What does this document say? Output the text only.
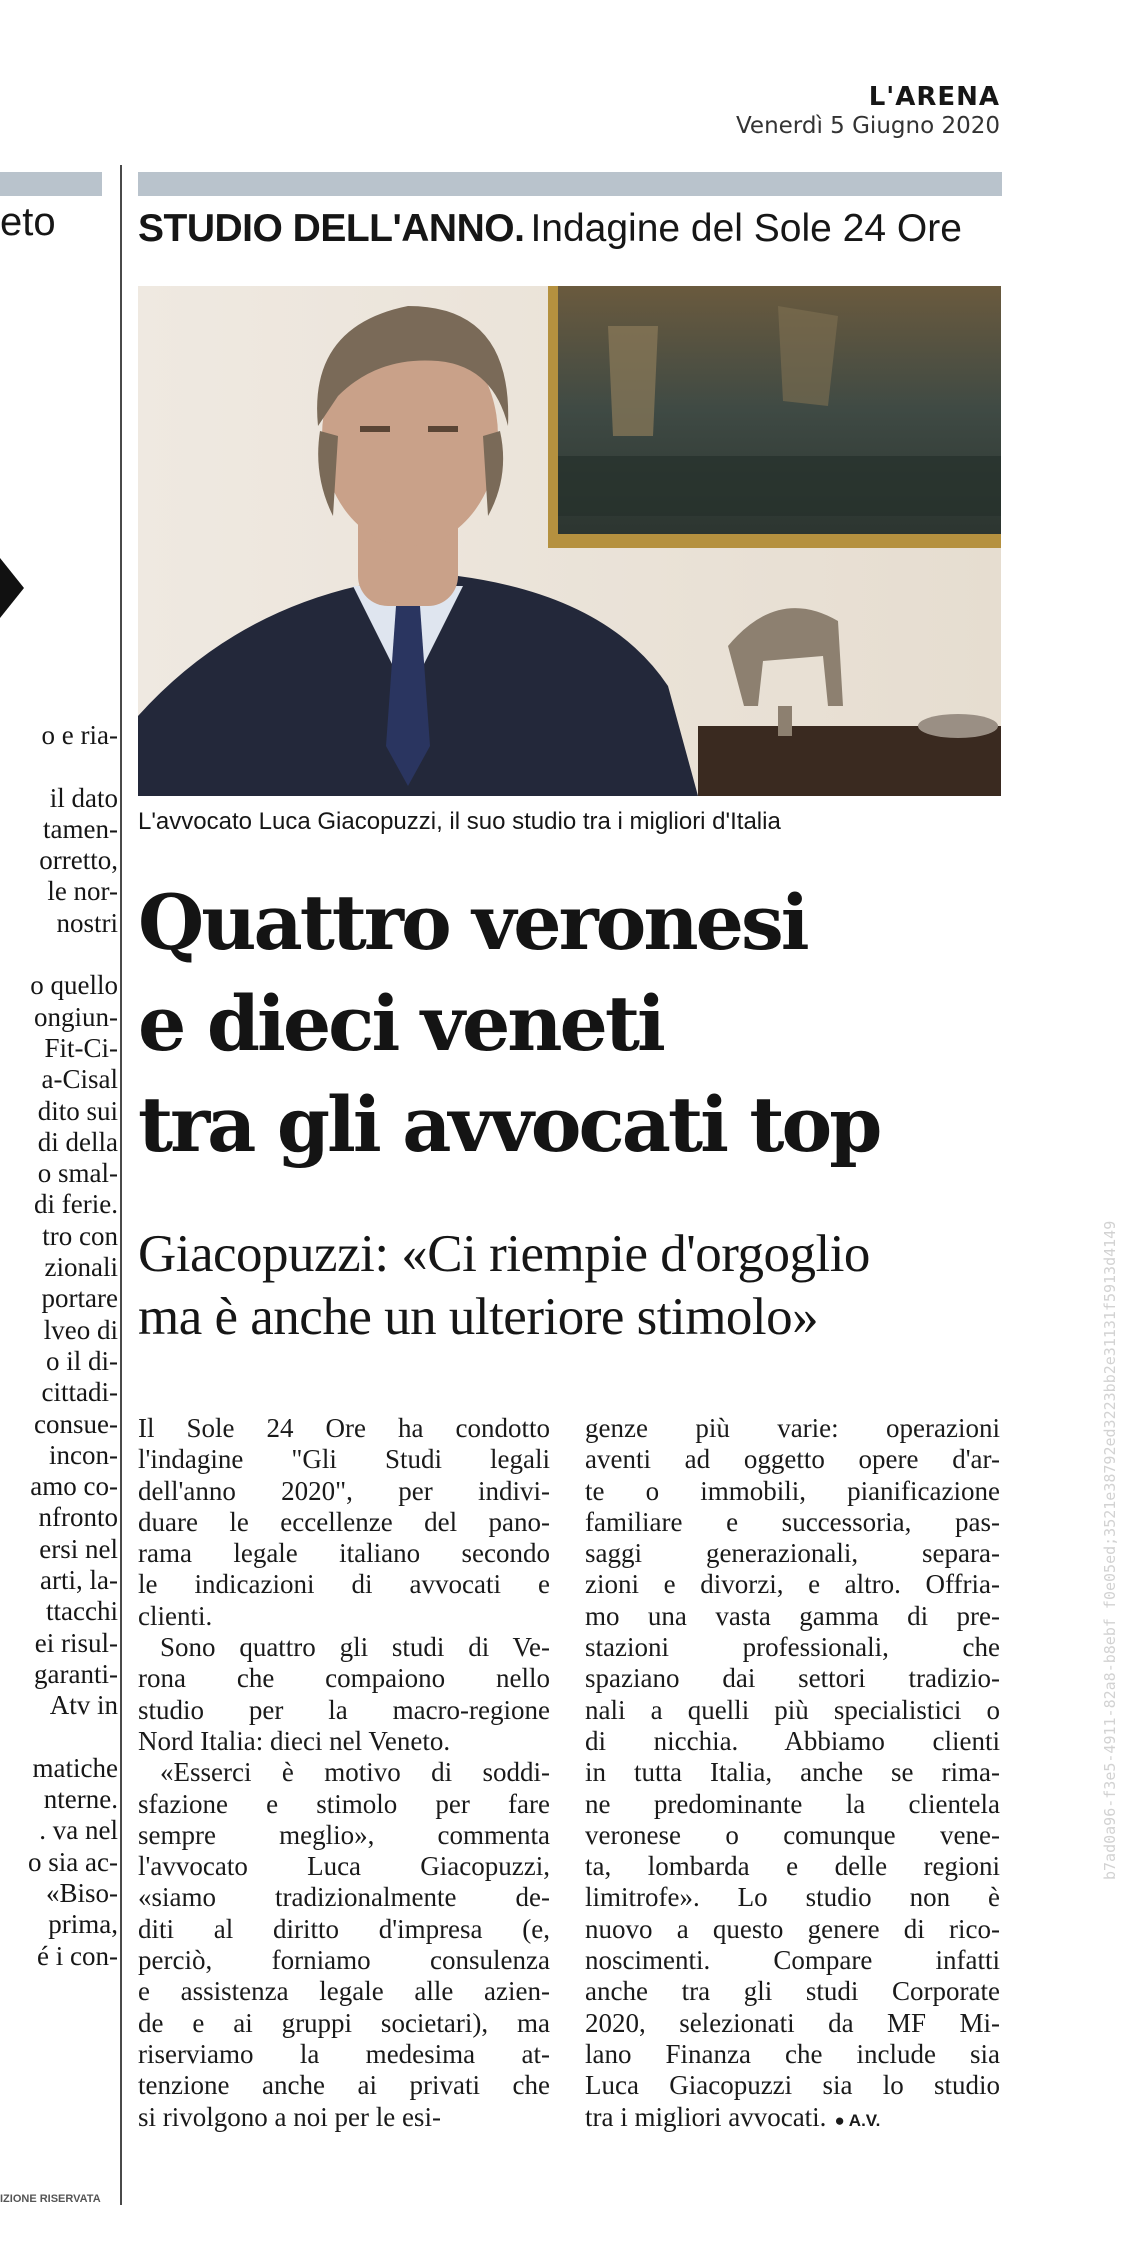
L'ARENA
Venerdì 5 Giugno 2020
eto
o e ria-
il dato
tamen-
orretto,
le nor-
nostri
o quello
ongiun-
Fit-Ci-
a-Cisal
dito sui
di della
o smal-
di ferie.
tro con
zionali
portare
lveo di
o il di-
cittadi-
consue-
incon-
amo co-
nfronto
ersi nel
arti, la-
ttacchi
ei risul-
garanti-
Atv in
matiche
nterne.
. va nel
o sia ac-
«Biso-
prima,
é i con-
IZIONE RISERVATA
STUDIO DELL'ANNO. Indagine del Sole 24 Ore
L'avvocato Luca Giacopuzzi, il suo studio tra i migliori d'Italia
Quattro veronesi
e dieci veneti
tra gli avvocati top
Giacopuzzi: «Ci riempie d'orgoglio
ma è anche un ulteriore stimolo»
Il Sole 24 Ore ha condotto
l'indagine "Gli Studi legali
dell'anno 2020", per indivi-
duare le eccellenze del pano-
rama legale italiano secondo
le indicazioni di avvocati e
clienti.
Sono quattro gli studi di Ve-
rona che compaiono nello
studio per la macro-regione
Nord Italia: dieci nel Veneto.
«Esserci è motivo di soddi-
sfazione e stimolo per fare
sempre meglio», commenta
l'avvocato Luca Giacopuzzi,
«siamo tradizionalmente de-
diti al diritto d'impresa (e,
perciò, forniamo consulenza
e assistenza legale alle azien-
de e ai gruppi societari), ma
riserviamo la medesima at-
tenzione anche ai privati che
si rivolgono a noi per le esi-
genze più varie: operazioni
aventi ad oggetto opere d'ar-
te o immobili, pianificazione
familiare e successoria, pas-
saggi generazionali, separa-
zioni e divorzi, e altro. Offria-
mo una vasta gamma di pre-
stazioni professionali, che
spaziano dai settori tradizio-
nali a quelli più specialistici o
di nicchia. Abbiamo clienti
in tutta Italia, anche se rima-
ne predominante la clientela
veronese o comunque vene-
ta, lombarda e delle regioni
limitrofe». Lo studio non è
nuovo a questo genere di rico-
noscimenti. Compare infatti
anche tra gli studi Corporate
2020, selezionati da MF Mi-
lano Finanza che include sia
Luca Giacopuzzi sia lo studio
tra i migliori avvocati. ● A.V.
b7ad0a96-f3e5-4911-82a8-b8ebf f0e05ed;3521e38792ed3223bb2e31131f5913d4149
